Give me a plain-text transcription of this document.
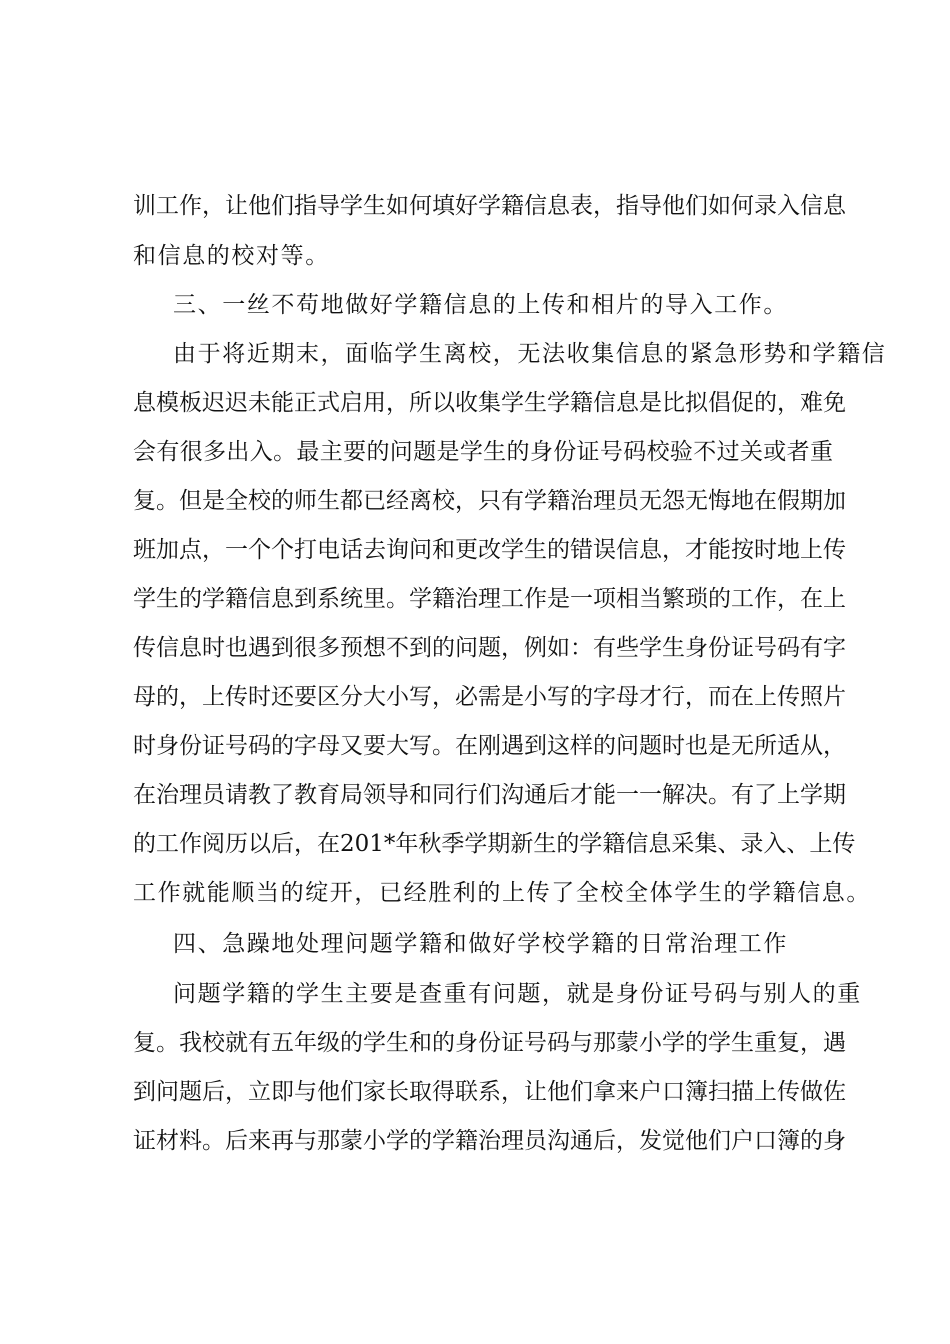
训工作，让他们指导学生如何填好学籍信息表，指导他们如何录入信息
和信息的校对等。
三、一丝不苟地做好学籍信息的上传和相片的导入工作。
由于将近期末，面临学生离校，无法收集信息的紧急形势和学籍信
息模板迟迟未能正式启用，所以收集学生学籍信息是比拟倡促的，难免
会有很多出入。最主要的问题是学生的身份证号码校验不过关或者重
复。但是全校的师生都已经离校，只有学籍治理员无怨无悔地在假期加
班加点，一个个打电话去询问和更改学生的错误信息，才能按时地上传
学生的学籍信息到系统里。学籍治理工作是一项相当繁琐的工作，在上
传信息时也遇到很多预想不到的问题，例如：有些学生身份证号码有字
母的，上传时还要区分大小写，必需是小写的字母才行，而在上传照片
时身份证号码的字母又要大写。在刚遇到这样的问题时也是无所适从，
在治理员请教了教育局领导和同行们沟通后才能一一解决。有了上学期
的工作阅历以后，在201*年秋季学期新生的学籍信息采集、录入、上传
工作就能顺当的绽开，已经胜利的上传了全校全体学生的学籍信息。
四、急躁地处理问题学籍和做好学校学籍的日常治理工作
问题学籍的学生主要是查重有问题，就是身份证号码与别人的重
复。我校就有五年级的学生和的身份证号码与那蒙小学的学生重复，遇
到问题后，立即与他们家长取得联系，让他们拿来户口簿扫描上传做佐
证材料。后来再与那蒙小学的学籍治理员沟通后，发觉他们户口簿的身
